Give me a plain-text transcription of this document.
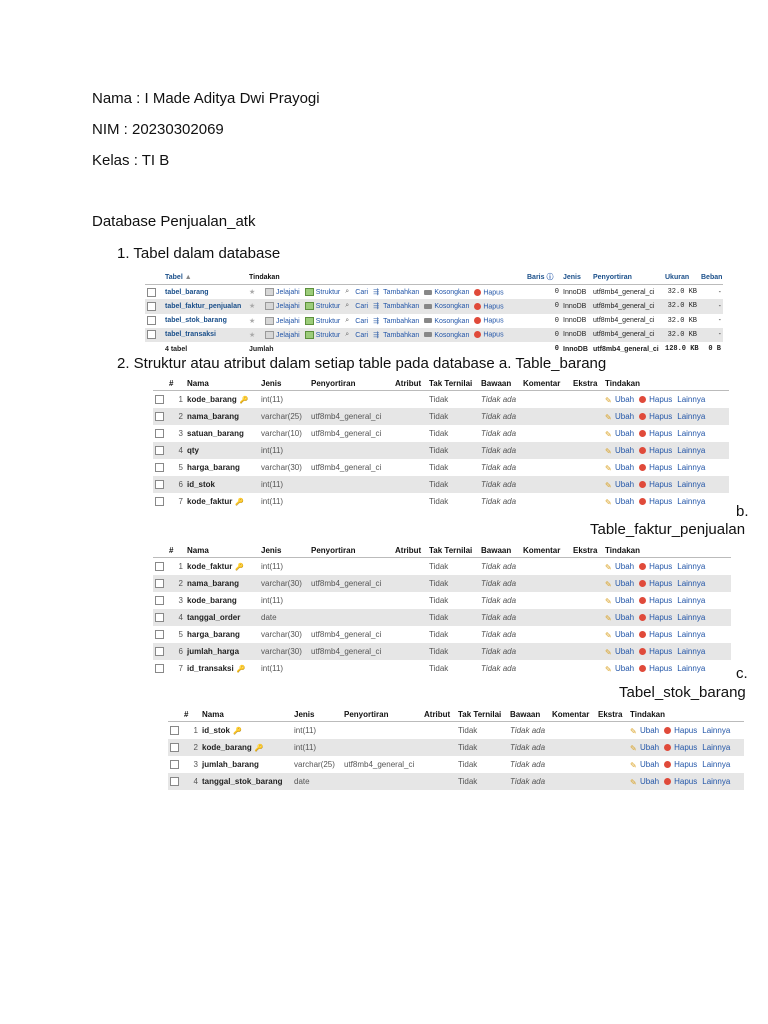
Nama : I Made Aditya Dwi Prayogi
NIM : 20230302069
Kelas : TI B
Database Penjualan_atk
1. Tabel dalam database
	Tabel ▲	Tindakan	Baris ⓘ	Jenis	Penyortiran	Ukuran	Beban
	tabel_barang	★ Jelajahi Struktur ⌕ Cari ⇶ Tambahkan Kosongkan Hapus	0	InnoDB	utf8mb4_general_ci	32.0 KB	-
	tabel_faktur_penjualan	★ Jelajahi Struktur ⌕ Cari ⇶ Tambahkan Kosongkan Hapus	0	InnoDB	utf8mb4_general_ci	32.0 KB	-
	tabel_stok_barang	★ Jelajahi Struktur ⌕ Cari ⇶ Tambahkan Kosongkan Hapus	0	InnoDB	utf8mb4_general_ci	32.0 KB	-
	tabel_transaksi	★ Jelajahi Struktur ⌕ Cari ⇶ Tambahkan Kosongkan Hapus	0	InnoDB	utf8mb4_general_ci	32.0 KB	-
	4 tabel	Jumlah	0	InnoDB	utf8mb4_general_ci	128.0 KB	0 B
2. Struktur atau atribut dalam setiap table pada database a. Table_barang
	#	Nama	Jenis	Penyortiran	Atribut	Tak Ternilai	Bawaan	Komentar	Ekstra	Tindakan
	1	kode_barang 🔑	int(11)			Tidak	Tidak ada			✎ Ubah Hapus Lainnya
	2	nama_barang	varchar(25)	utf8mb4_general_ci		Tidak	Tidak ada			✎ Ubah Hapus Lainnya
	3	satuan_barang	varchar(10)	utf8mb4_general_ci		Tidak	Tidak ada			✎ Ubah Hapus Lainnya
	4	qty	int(11)			Tidak	Tidak ada			✎ Ubah Hapus Lainnya
	5	harga_barang	varchar(30)	utf8mb4_general_ci		Tidak	Tidak ada			✎ Ubah Hapus Lainnya
	6	id_stok	int(11)			Tidak	Tidak ada			✎ Ubah Hapus Lainnya
	7	kode_faktur 🔑	int(11)			Tidak	Tidak ada			✎ Ubah Hapus Lainnya
b.
Table_faktur_penjualan
	#	Nama	Jenis	Penyortiran	Atribut	Tak Ternilai	Bawaan	Komentar	Ekstra	Tindakan
	1	kode_faktur 🔑	int(11)			Tidak	Tidak ada			✎ Ubah Hapus Lainnya
	2	nama_barang	varchar(30)	utf8mb4_general_ci		Tidak	Tidak ada			✎ Ubah Hapus Lainnya
	3	kode_barang	int(11)			Tidak	Tidak ada			✎ Ubah Hapus Lainnya
	4	tanggal_order	date			Tidak	Tidak ada			✎ Ubah Hapus Lainnya
	5	harga_barang	varchar(30)	utf8mb4_general_ci		Tidak	Tidak ada			✎ Ubah Hapus Lainnya
	6	jumlah_harga	varchar(30)	utf8mb4_general_ci		Tidak	Tidak ada			✎ Ubah Hapus Lainnya
	7	id_transaksi 🔑	int(11)			Tidak	Tidak ada			✎ Ubah Hapus Lainnya c.
Tabel_stok_barang
	#	Nama	Jenis	Penyortiran	Atribut	Tak Ternilai	Bawaan	Komentar	Ekstra	Tindakan
	1	id_stok 🔑	int(11)			Tidak	Tidak ada			✎ Ubah Hapus Lainnya
	2	kode_barang 🔑	int(11)			Tidak	Tidak ada			✎ Ubah Hapus Lainnya
	3	jumlah_barang	varchar(25)	utf8mb4_general_ci		Tidak	Tidak ada			✎ Ubah Hapus Lainnya
	4	tanggal_stok_barang	date			Tidak	Tidak ada			✎ Ubah Hapus Lainnya
